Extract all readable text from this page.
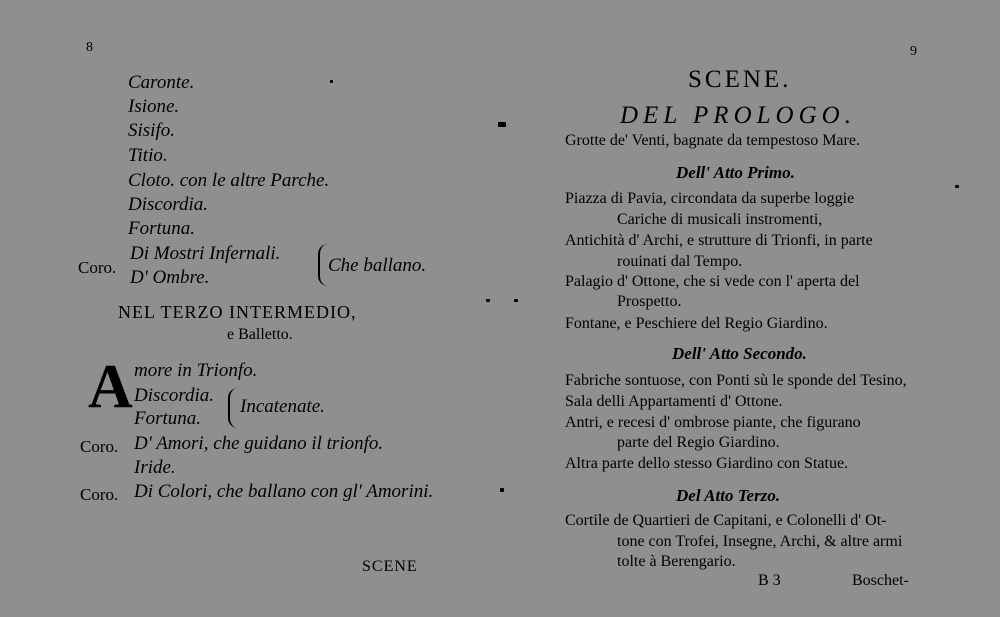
8

Caronte.

Isione.

Sisifo.

Titio.

Cloto. con le altre Parche.

Discordia.

Fortuna.

Coro.

Di Mostri Infernali.

D' Ombre.

Che ballano.

NEL TERZO INTERMEDIO,

e Balletto.

A more in Trionfo.

Discordia.

Fortuna.

Incatenate.

Coro. D' Amori, che guidano il trionfo.

Iride.

Coro. Di Colori, che ballano con gl' Amorini.

SCENE

9

SCENE.

DEL PROLOGO.

Grotte de' Venti, bagnate da tempestoso Mare.

Dell' Atto Primo.

Piazza di Pavia, circondata da superbe loggie

Cariche di musicali instromenti,

Antichità d' Archi, e strutture di Trionfi, in parte

rouinati dal Tempo.

Palagio d' Ottone, che si vede con l' aperta del

Prospetto.

Fontane, e Peschiere del Regio Giardino.

Dell' Atto Secondo.

Fabriche sontuose, con Ponti sù le sponde del Tesino,

Sala delli Appartamenti d' Ottone.

Antri, e recesi d' ombrose piante, che figurano

parte del Regio Giardino.

Altra parte dello stesso Giardino con Statue.

Del Atto Terzo.

Cortile de Quartieri de Capitani, e Colonelli d' Ot-

tone con Trofei, Insegne, Archi, & altre armi

tolte à Berengario.

B 3	Boschet-
